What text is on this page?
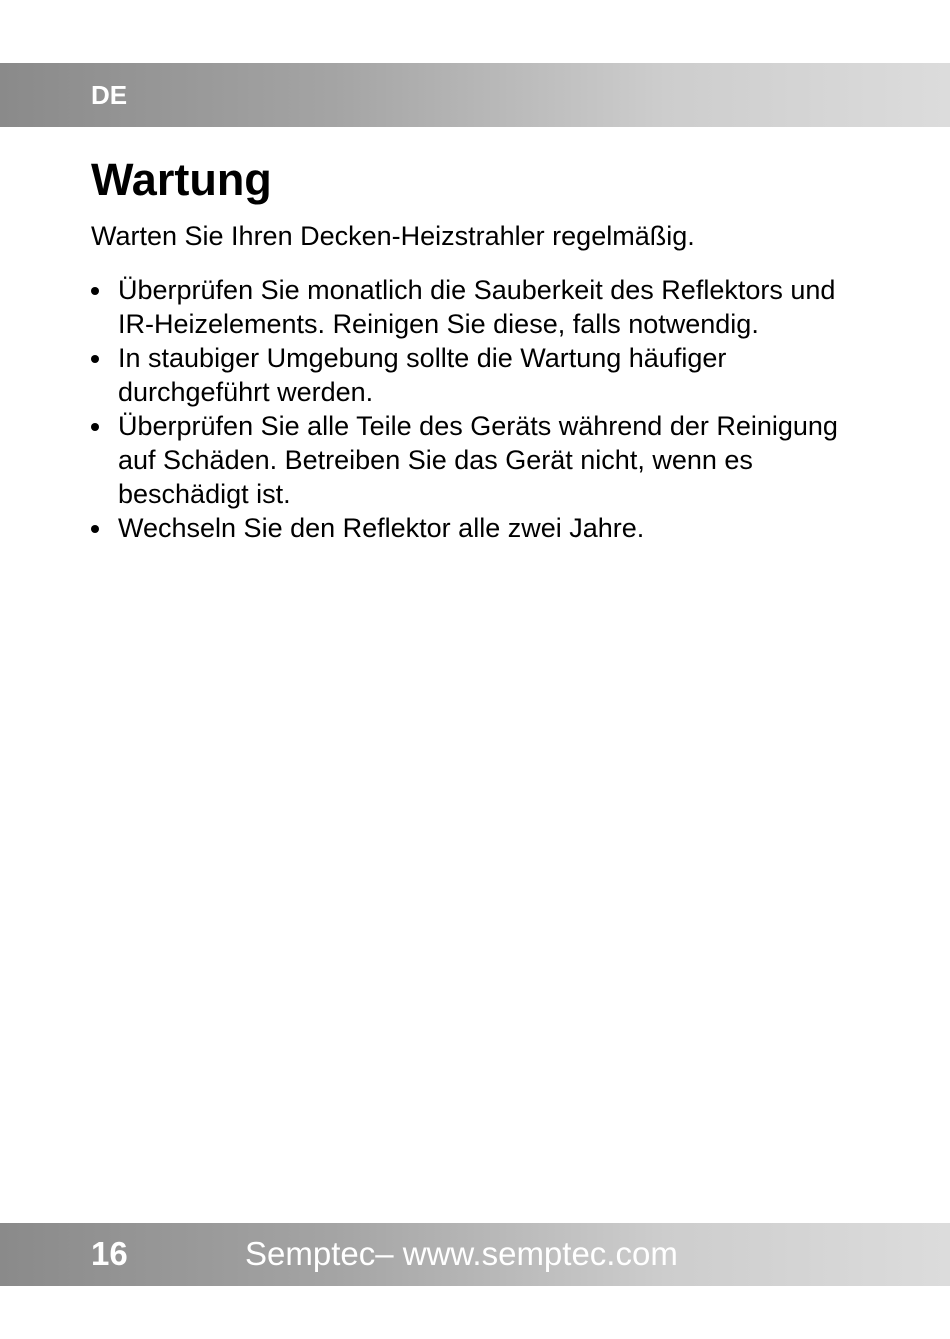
DE
Wartung

Warten Sie Ihren Decken-Heizstrahler regelmäßig.

Überprüfen Sie monatlich die Sauberkeit des Reflektors und IR-Heizelements. Reinigen Sie diese, falls notwendig.
In staubiger Umgebung sollte die Wartung häufiger durchgeführt werden.
Überprüfen Sie alle Teile des Geräts während der Reinigung auf Schäden. Betreiben Sie das Gerät nicht, wenn es beschädigt ist.
Wechseln Sie den Reflektor alle zwei Jahre.
16	Semptec– www.semptec.com
